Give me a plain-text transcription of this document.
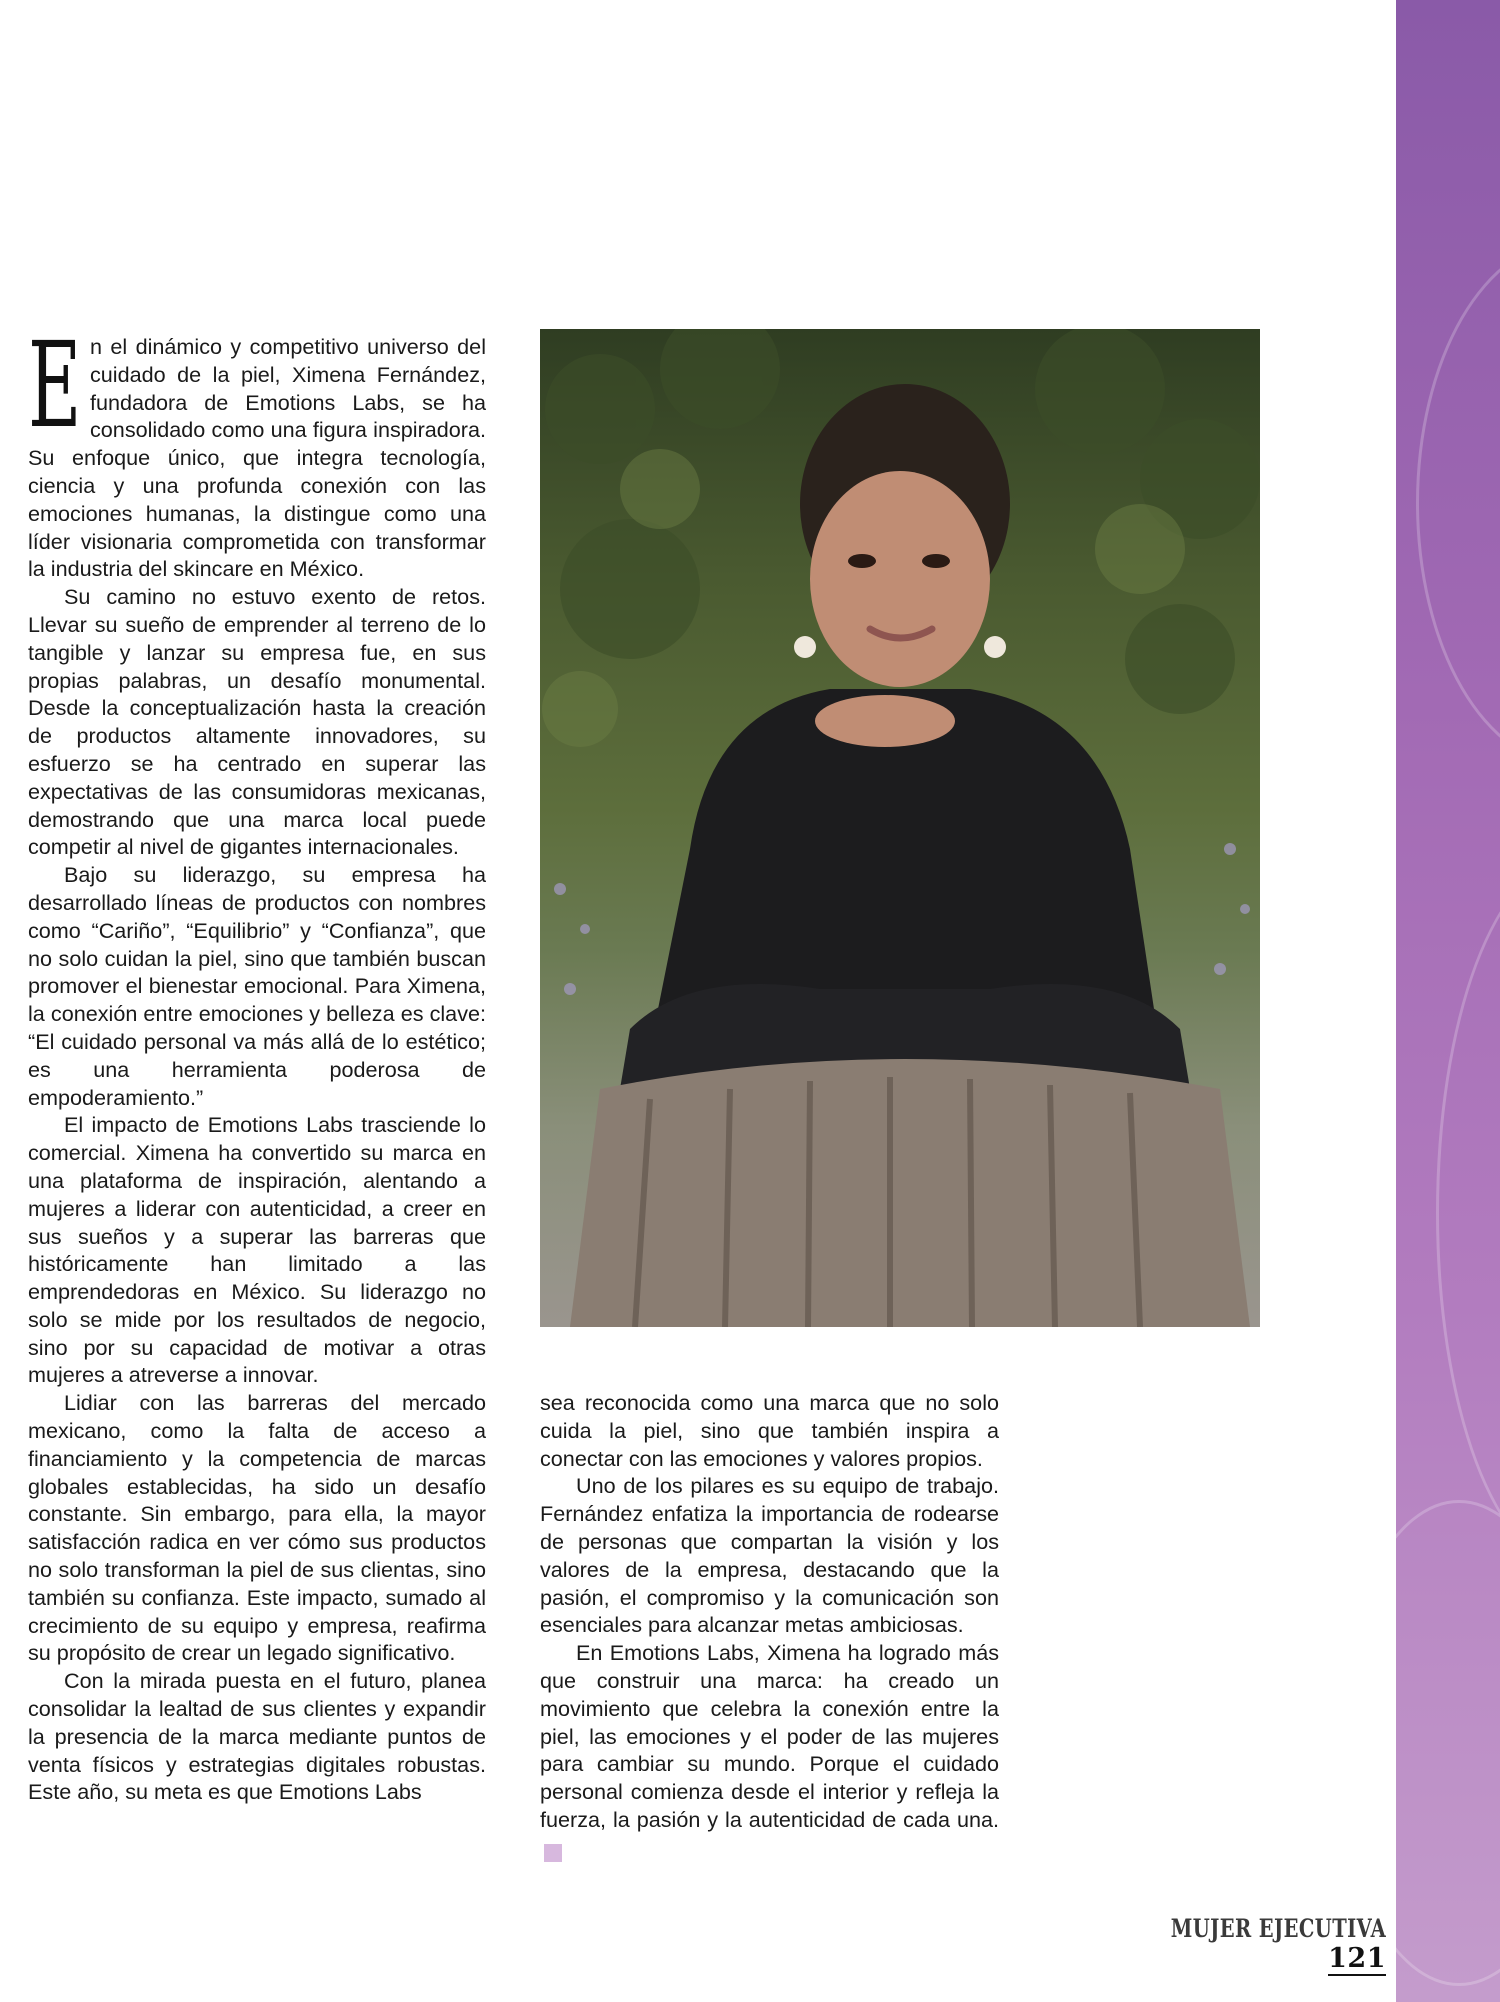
En el dinámico y competitivo universo del cuidado de la piel, Ximena Fernández, fundadora de Emotions Labs, se ha consolidado como una figura inspiradora. Su enfoque único, que integra tecnología, ciencia y una profunda conexión con las emociones humanas, la distingue como una líder visionaria comprometida con transformar la industria del skincare en México.

Su camino no estuvo exento de retos. Llevar su sueño de emprender al terreno de lo tangible y lanzar su empresa fue, en sus propias palabras, un desafío monumental. Desde la conceptualización hasta la creación de productos altamente innovadores, su esfuerzo se ha centrado en superar las expectativas de las consumidoras mexicanas, demostrando que una marca local puede competir al nivel de gigantes internacionales.

Bajo su liderazgo, su empresa ha desarrollado líneas de productos con nombres como “Cariño”, “Equilibrio” y “Confianza”, que no solo cuidan la piel, sino que también buscan promover el bienestar emocional. Para Ximena, la conexión entre emociones y belleza es clave: “El cuidado personal va más allá de lo estético; es una herramienta poderosa de empoderamiento.”

El impacto de Emotions Labs trasciende lo comercial. Ximena ha convertido su marca en una plataforma de inspiración, alentando a mujeres a liderar con autenticidad, a creer en sus sueños y a superar las barreras que históricamente han limitado a las emprendedoras en México. Su liderazgo no solo se mide por los resultados de negocio, sino por su capacidad de motivar a otras mujeres a atreverse a innovar.

Lidiar con las barreras del mercado mexicano, como la falta de acceso a financiamiento y la competencia de marcas globales establecidas, ha sido un desafío constante. Sin embargo, para ella, la mayor satisfacción radica en ver cómo sus productos no solo transforman la piel de sus clientas, sino también su confianza. Este impacto, sumado al crecimiento de su equipo y empresa, reafirma su propósito de crear un legado significativo.

Con la mirada puesta en el futuro, planea consolidar la lealtad de sus clientes y expandir la presencia de la marca mediante puntos de venta físicos y estrategias digitales robustas. Este año, su meta es que Emotions Labs

sea reconocida como una marca que no solo cuida la piel, sino que también inspira a conectar con las emociones y valores propios.

Uno de los pilares es su equipo de trabajo. Fernández enfatiza la importancia de rodearse de personas que compartan la visión y los valores de la empresa, destacando que la pasión, el compromiso y la comunicación son esenciales para alcanzar metas ambiciosas.

En Emotions Labs, Ximena ha logrado más que construir una marca: ha creado un movimiento que celebra la conexión entre la piel, las emociones y el poder de las mujeres para cambiar su mundo. Porque el cuidado personal comienza desde el interior y refleja la fuerza, la pasión y la autenticidad de cada una.»

MUJER EJECUTIVA121
